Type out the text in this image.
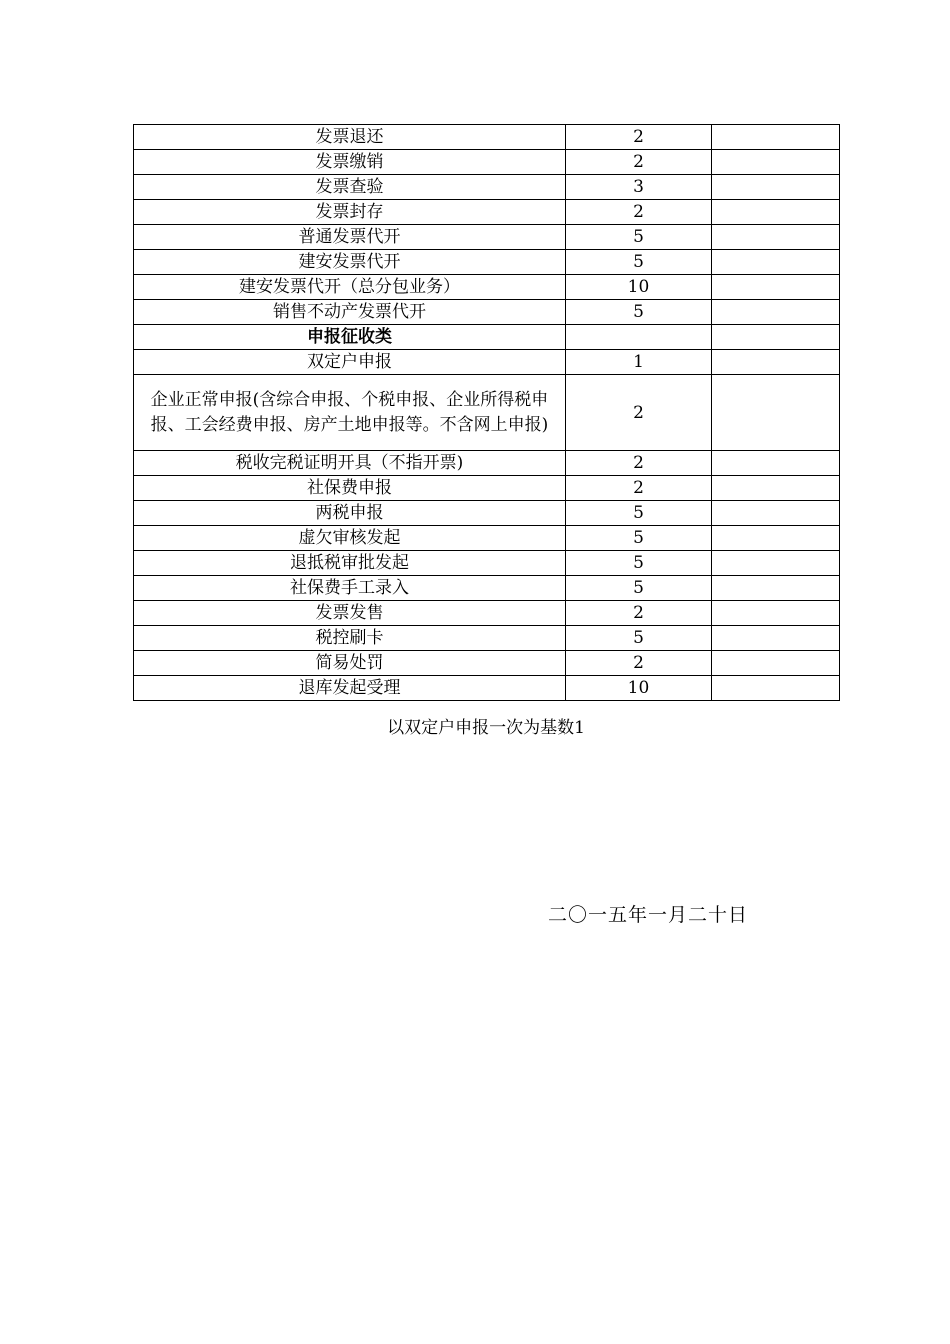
发票退还	2	
发票缴销	2	
发票查验	3	
发票封存	2	
普通发票代开	5	
建安发票代开	5	
建安发票代开（总分包业务）	10	
销售不动产发票代开	5	
申报征收类		
双定户申报	1	
企业正常申报(含综合申报、个税申报、企业所得税申报、工会经费申报、房产土地申报等。不含网上申报)	2	
税收完税证明开具（不指开票)	2	
社保费申报	2	
两税申报	5	
虚欠审核发起	5	
退抵税审批发起	5	
社保费手工录入	5	
发票发售	2	
税控刷卡	5	
简易处罚	2	
退库发起受理	10	
以双定户申报一次为基数1
二〇一五年一月二十日
